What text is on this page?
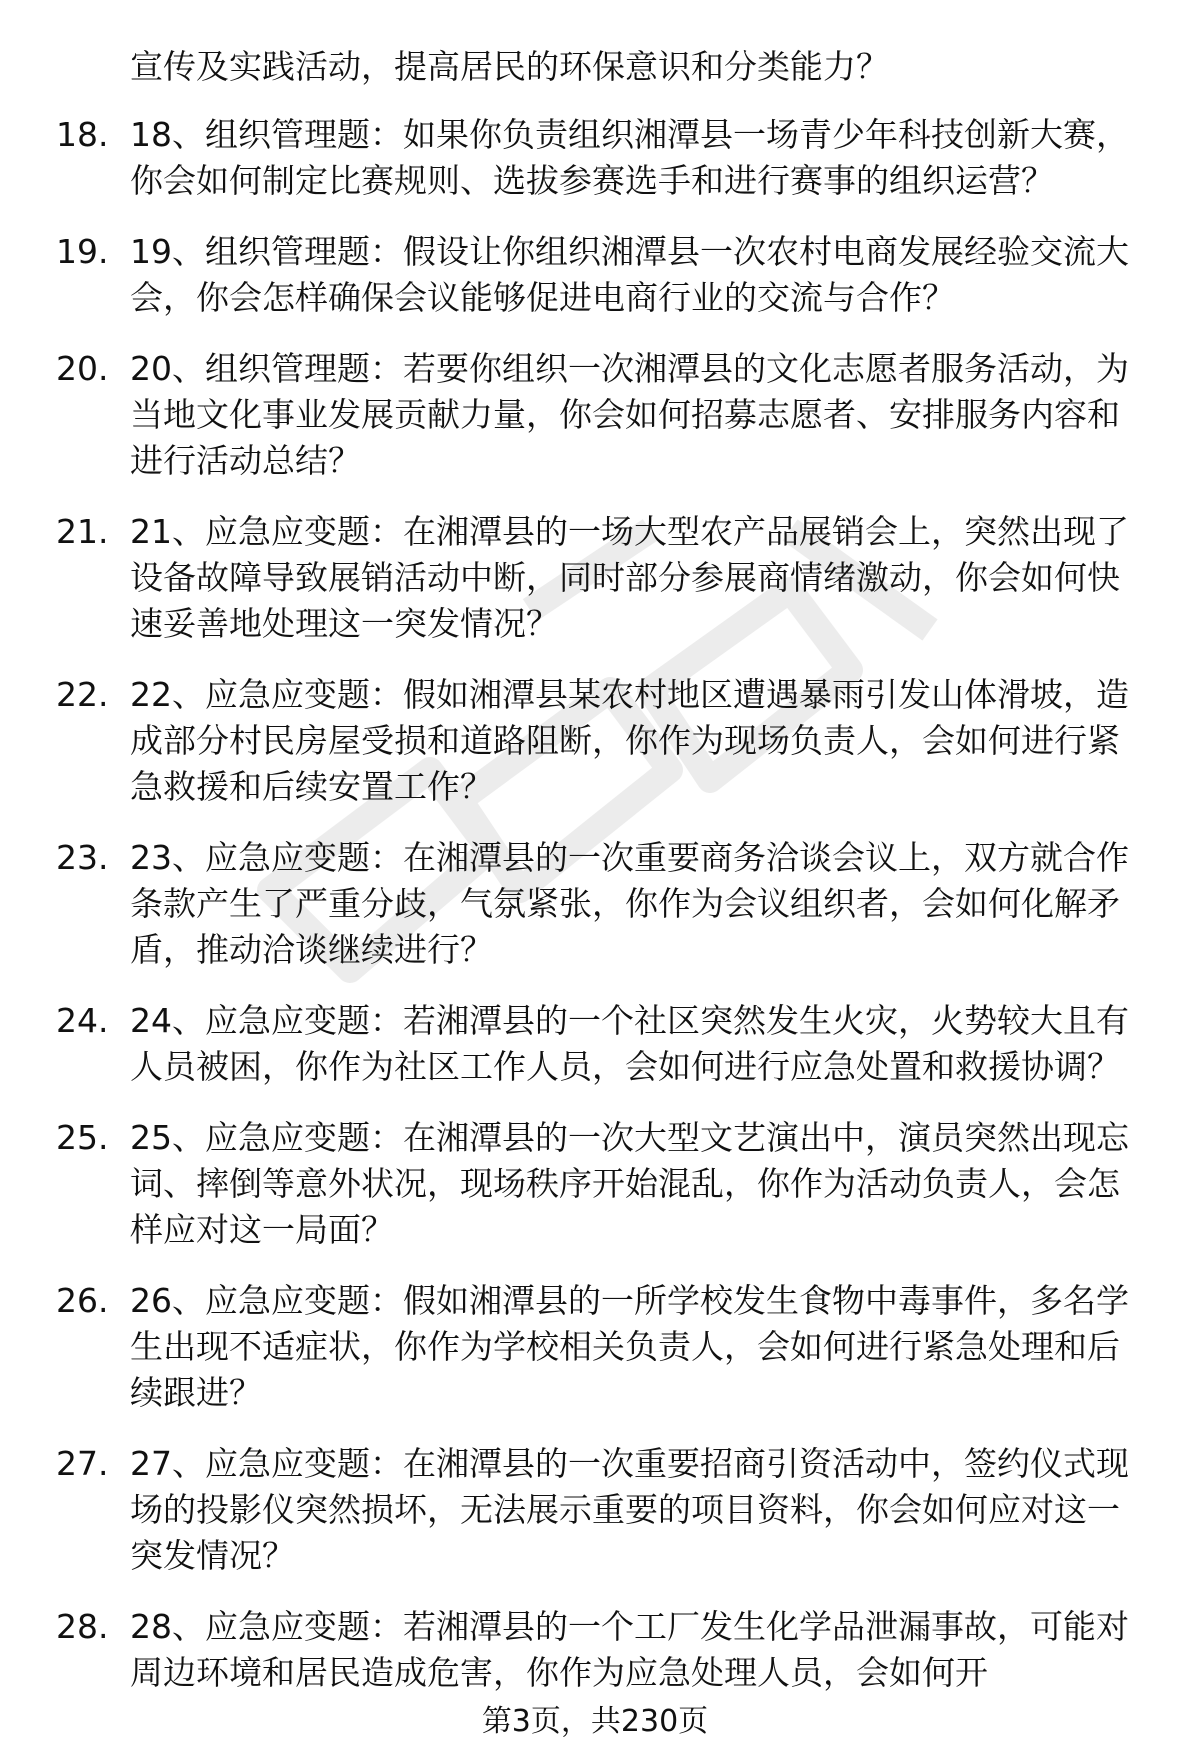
宣传及实践活动，提高居民的环保意识和分类能力？
18. 18、组织管理题：如果你负责组织湘潭县一场青少年科技创新大赛，你会如何制定比赛规则、选拔参赛选手和进行赛事的组织运营？
19. 19、组织管理题：假设让你组织湘潭县一次农村电商发展经验交流大会，你会怎样确保会议能够促进电商行业的交流与合作？
20. 20、组织管理题：若要你组织一次湘潭县的文化志愿者服务活动，为当地文化事业发展贡献力量，你会如何招募志愿者、安排服务内容和进行活动总结？
21. 21、应急应变题：在湘潭县的一场大型农产品展销会上，突然出现了设备故障导致展销活动中断，同时部分参展商情绪激动，你会如何快速妥善地处理这一突发情况？
22. 22、应急应变题：假如湘潭县某农村地区遭遇暴雨引发山体滑坡，造成部分村民房屋受损和道路阻断，你作为现场负责人，会如何进行紧急救援和后续安置工作？
23. 23、应急应变题：在湘潭县的一次重要商务洽谈会议上，双方就合作条款产生了严重分歧，气氛紧张，你作为会议组织者，会如何化解矛盾，推动洽谈继续进行？
24. 24、应急应变题：若湘潭县的一个社区突然发生火灾，火势较大且有人员被困，你作为社区工作人员，会如何进行应急处置和救援协调？
25. 25、应急应变题：在湘潭县的一次大型文艺演出中，演员突然出现忘词、摔倒等意外状况，现场秩序开始混乱，你作为活动负责人，会怎样应对这一局面？
26. 26、应急应变题：假如湘潭县的一所学校发生食物中毒事件，多名学生出现不适症状，你作为学校相关负责人，会如何进行紧急处理和后续跟进？
27. 27、应急应变题：在湘潭县的一次重要招商引资活动中，签约仪式现场的投影仪突然损坏，无法展示重要的项目资料，你会如何应对这一突发情况？
28. 28、应急应变题：若湘潭县的一个工厂发生化学品泄漏事故，可能对周边环境和居民造成危害，你作为应急处理人员，会如何开
第3页，共230页
